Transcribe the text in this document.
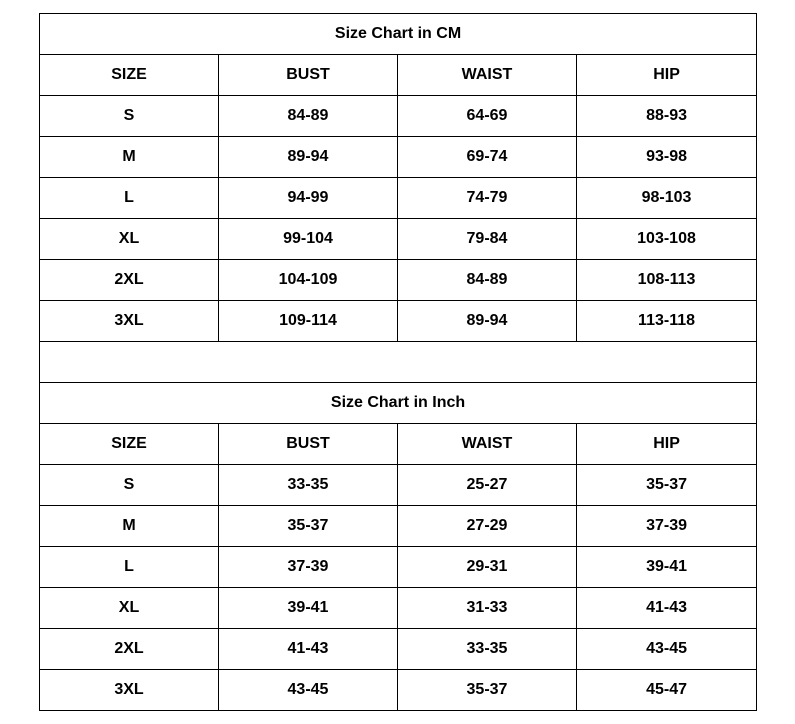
Size Chart in CM			
SIZE	BUST	WAIST	HIP
S	84-89	64-69	88-93
M	89-94	69-74	93-98
L	94-99	74-79	98-103
XL	99-104	79-84	103-108
2XL	104-109	84-89	108-113
3XL	109-114	89-94	113-118

Size Chart in Inch			
SIZE	BUST	WAIST	HIP
S	33-35	25-27	35-37
M	35-37	27-29	37-39
L	37-39	29-31	39-41
XL	39-41	31-33	41-43
2XL	41-43	33-35	43-45
3XL	43-45	35-37	45-47
